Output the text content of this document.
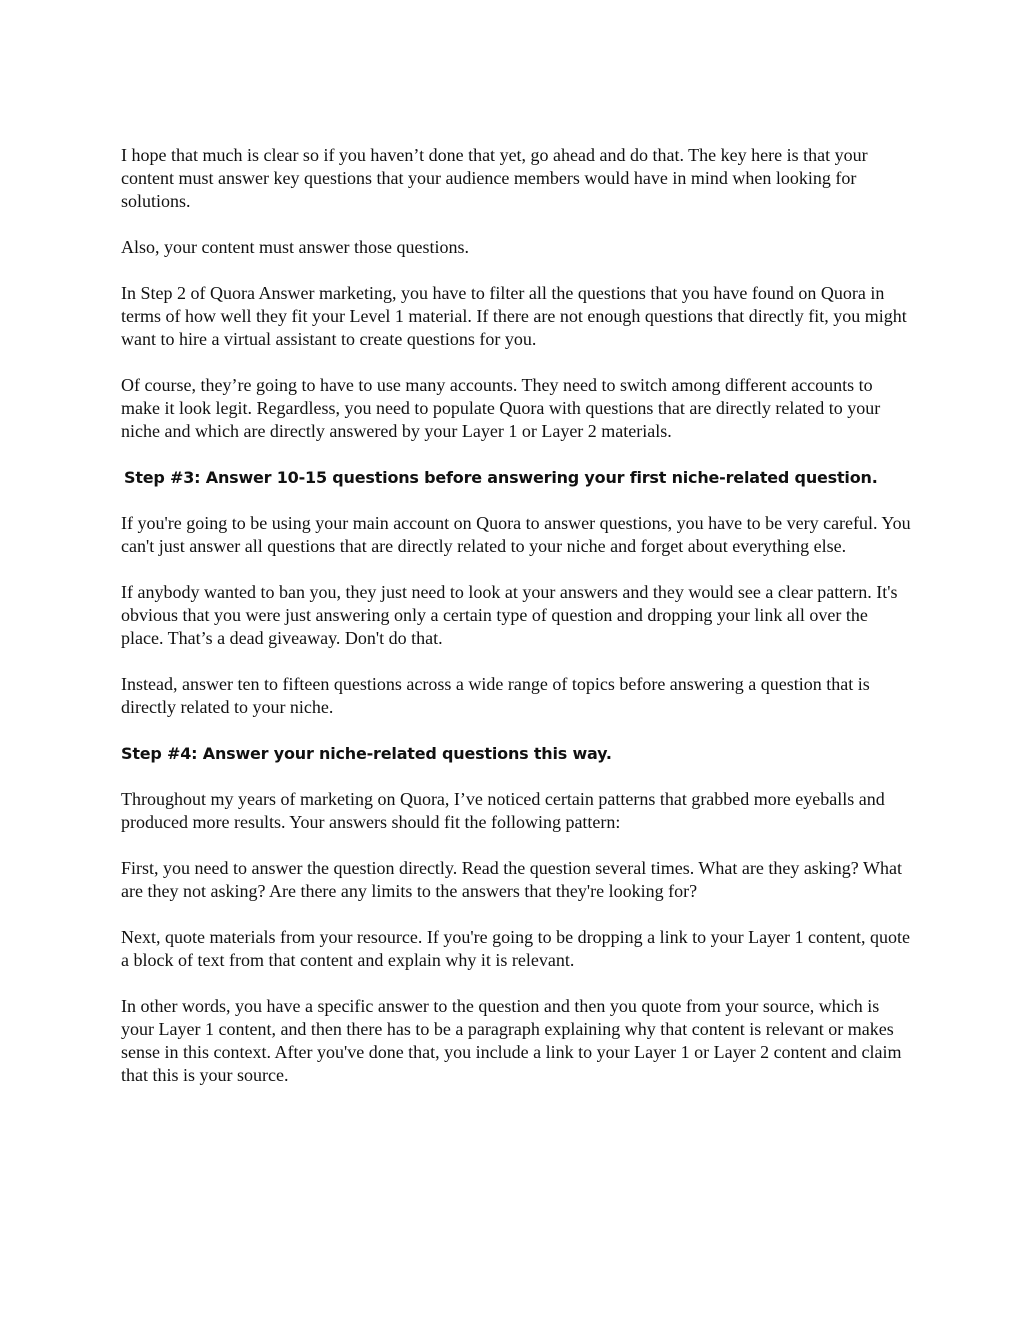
I hope that much is clear so if you haven’t done that yet, go ahead and do that. The key here is that your content must answer key questions that your audience members would have in mind when looking for solutions.

Also, your content must answer those questions.

In Step 2 of Quora Answer marketing, you have to filter all the questions that you have found on Quora in terms of how well they fit your Level 1 material. If there are not enough questions that directly fit, you might want to hire a virtual assistant to create questions for you.

Of course, they’re going to have to use many accounts. They need to switch among different accounts to make it look legit. Regardless, you need to populate Quora with questions that are directly related to your niche and which are directly answered by your Layer 1 or Layer 2 materials.

Step #3: Answer 10-15 questions before answering your first niche-related question.

If you're going to be using your main account on Quora to answer questions, you have to be very careful. You can't just answer all questions that are directly related to your niche and forget about everything else.

If anybody wanted to ban you, they just need to look at your answers and they would see a clear pattern. It's obvious that you were just answering only a certain type of question and dropping your link all over the place. That’s a dead giveaway. Don't do that.

Instead, answer ten to fifteen questions across a wide range of topics before answering a question that is directly related to your niche.

Step #4: Answer your niche-related questions this way.

Throughout my years of marketing on Quora, I’ve noticed certain patterns that grabbed more eyeballs and produced more results. Your answers should fit the following pattern:

First, you need to answer the question directly. Read the question several times. What are they asking? What are they not asking? Are there any limits to the answers that they're looking for?

Next, quote materials from your resource. If you're going to be dropping a link to your Layer 1 content, quote a block of text from that content and explain why it is relevant.

In other words, you have a specific answer to the question and then you quote from your source, which is your Layer 1 content, and then there has to be a paragraph explaining why that content is relevant or makes sense in this context. After you've done that, you include a link to your Layer 1 or Layer 2 content and claim that this is your source.
